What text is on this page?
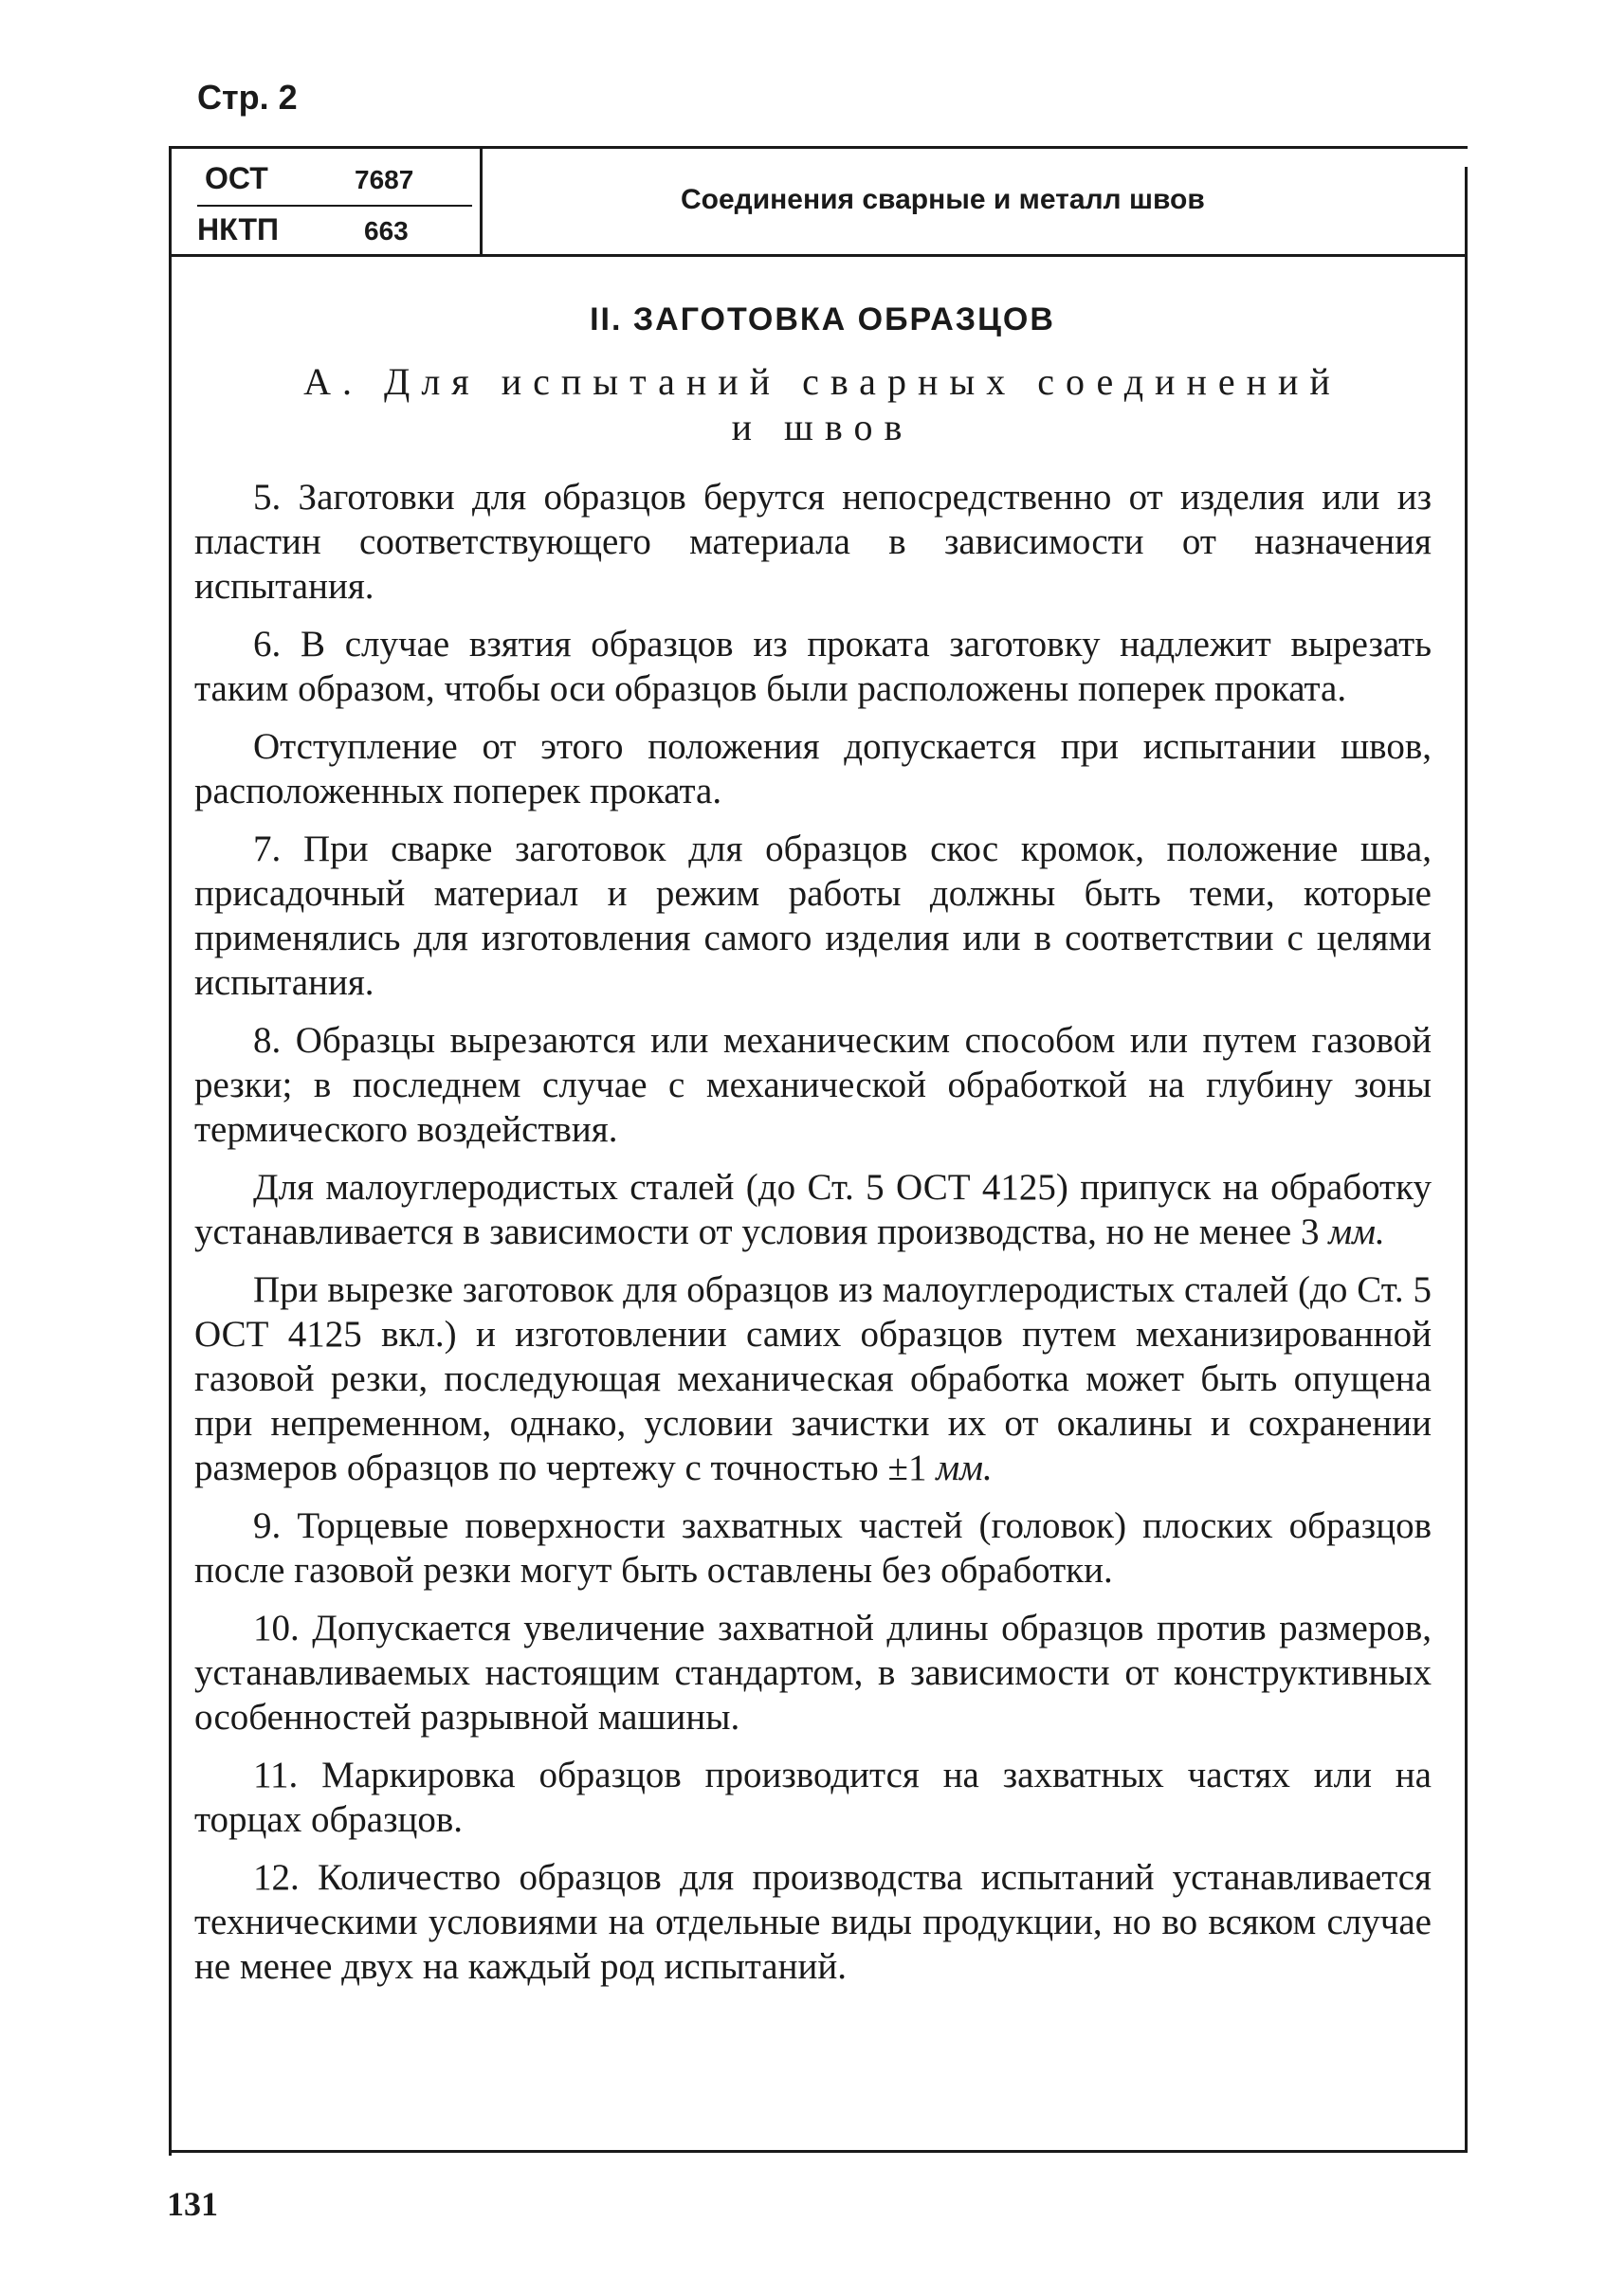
Стр. 2
ОСТ	7687
НКТП	663
Соединения сварные и металл швов
II. ЗАГОТОВКА ОБРАЗЦОВ
А. Для испытаний сварных соединений
и швов

5. Заготовки для образцов берутся непосредственно от изделия или из пластин соответствующего материала в зависимости от назначения испытания.

6. В случае взятия образцов из проката заготовку надлежит вырезать таким образом, чтобы оси образцов были расположены поперек проката.

Отступление от этого положения допускается при испытании швов, расположенных поперек проката.

7. При сварке заготовок для образцов скос кромок, положение шва, присадочный материал и режим работы должны быть теми, которые применялись для изготовления самого изделия или в соответствии с целями испытания.

8. Образцы вырезаются или механическим способом или путем газовой резки; в последнем случае с механической обработкой на глубину зоны термического воздействия.

Для малоуглеродистых сталей (до Ст. 5 ОСТ 4125) припуск на обработку устанавливается в зависимости от условия производства, но не менее 3 мм.

При вырезке заготовок для образцов из малоуглеродистых сталей (до Ст. 5 ОСТ 4125 вкл.) и изготовлении самих образцов путем механизированной газовой резки, последующая механическая обработка может быть опущена при непременном, однако, условии зачистки их от окалины и сохранении размеров образцов по чертежу с точностью ±1 мм.

9. Торцевые поверхности захватных частей (головок) плоских образцов после газовой резки могут быть оставлены без обработки.

10. Допускается увеличение захватной длины образцов против размеров, устанавливаемых настоящим стандартом, в зависимости от конструктивных особенностей разрывной машины.

11. Маркировка образцов производится на захватных частях или на торцах образцов.

12. Количество образцов для производства испытаний устанавливается техническими условиями на отдельные виды продукции, но во всяком случае не менее двух на каждый род испытаний.

131
